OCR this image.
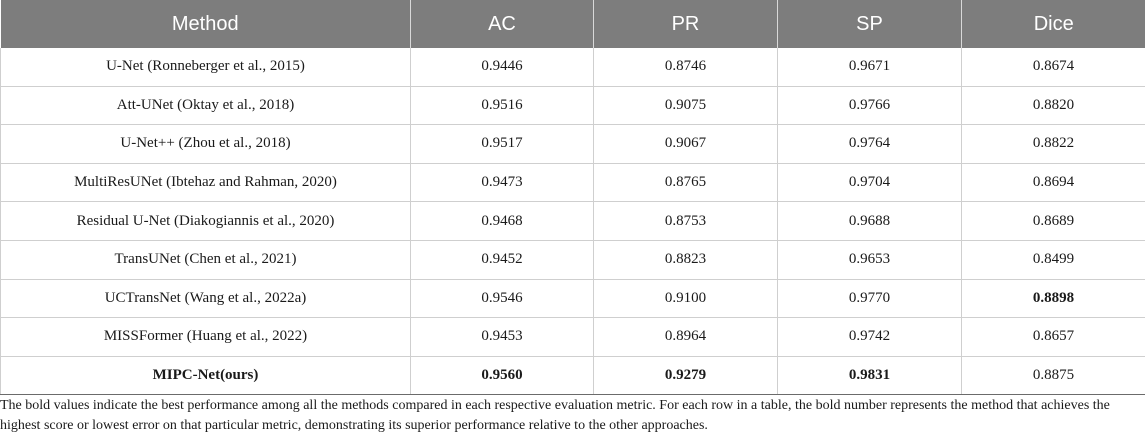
Method	AC	PR	SP	Dice
U-Net (Ronneberger et al., 2015)	0.9446	0.8746	0.9671	0.8674
Att-UNet (Oktay et al., 2018)	0.9516	0.9075	0.9766	0.8820
U-Net++ (Zhou et al., 2018)	0.9517	0.9067	0.9764	0.8822
MultiResUNet (Ibtehaz and Rahman, 2020)	0.9473	0.8765	0.9704	0.8694
Residual U-Net (Diakogiannis et al., 2020)	0.9468	0.8753	0.9688	0.8689
TransUNet (Chen et al., 2021)	0.9452	0.8823	0.9653	0.8499
UCTransNet (Wang et al., 2022a)	0.9546	0.9100	0.9770	0.8898
MISSFormer (Huang et al., 2022)	0.9453	0.8964	0.9742	0.8657
MIPC-Net(ours)	0.9560	0.9279	0.9831	0.8875

The bold values indicate the best performance among all the methods compared in each respective evaluation metric. For each row in a table, the bold number represents the method that achieves the highest score or lowest error on that particular metric, demonstrating its superior performance relative to the other approaches.
